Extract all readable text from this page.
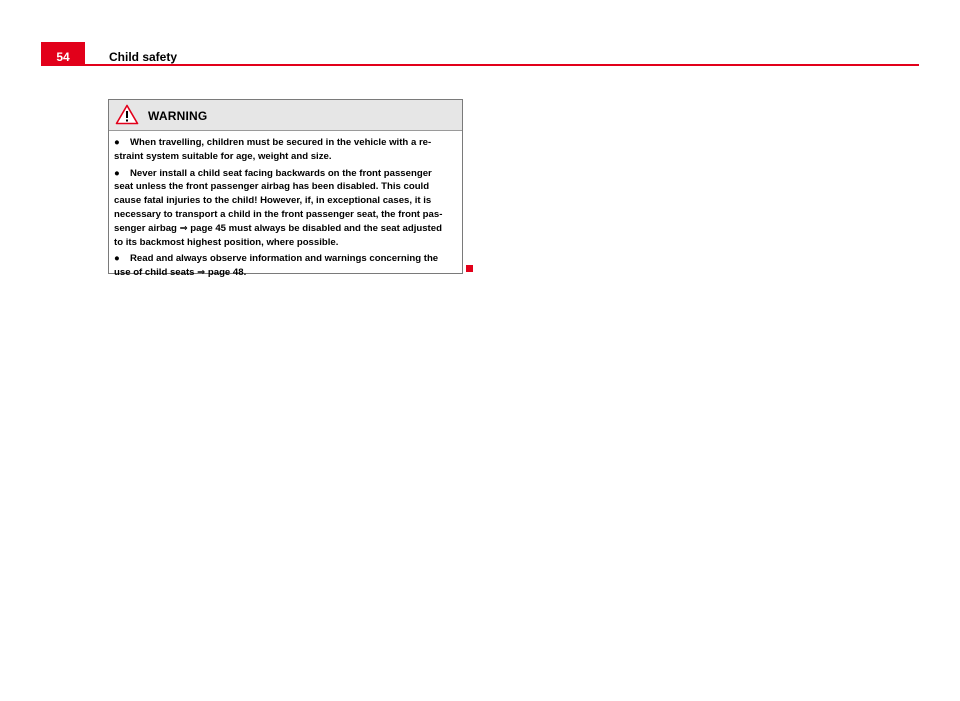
54	Child safety
WARNING
● When travelling, children must be secured in the vehicle with a re-
straint system suitable for age, weight and size.
● Never install a child seat facing backwards on the front passenger
seat unless the front passenger airbag has been disabled. This could
cause fatal injuries to the child! However, if, in exceptional cases, it is
necessary to transport a child in the front passenger seat, the front pas-
senger airbag ⇒ page 45 must always be disabled and the seat adjusted
to its backmost highest position, where possible.
● Read and always observe information and warnings concerning the
use of child seats ⇒ page 48.
